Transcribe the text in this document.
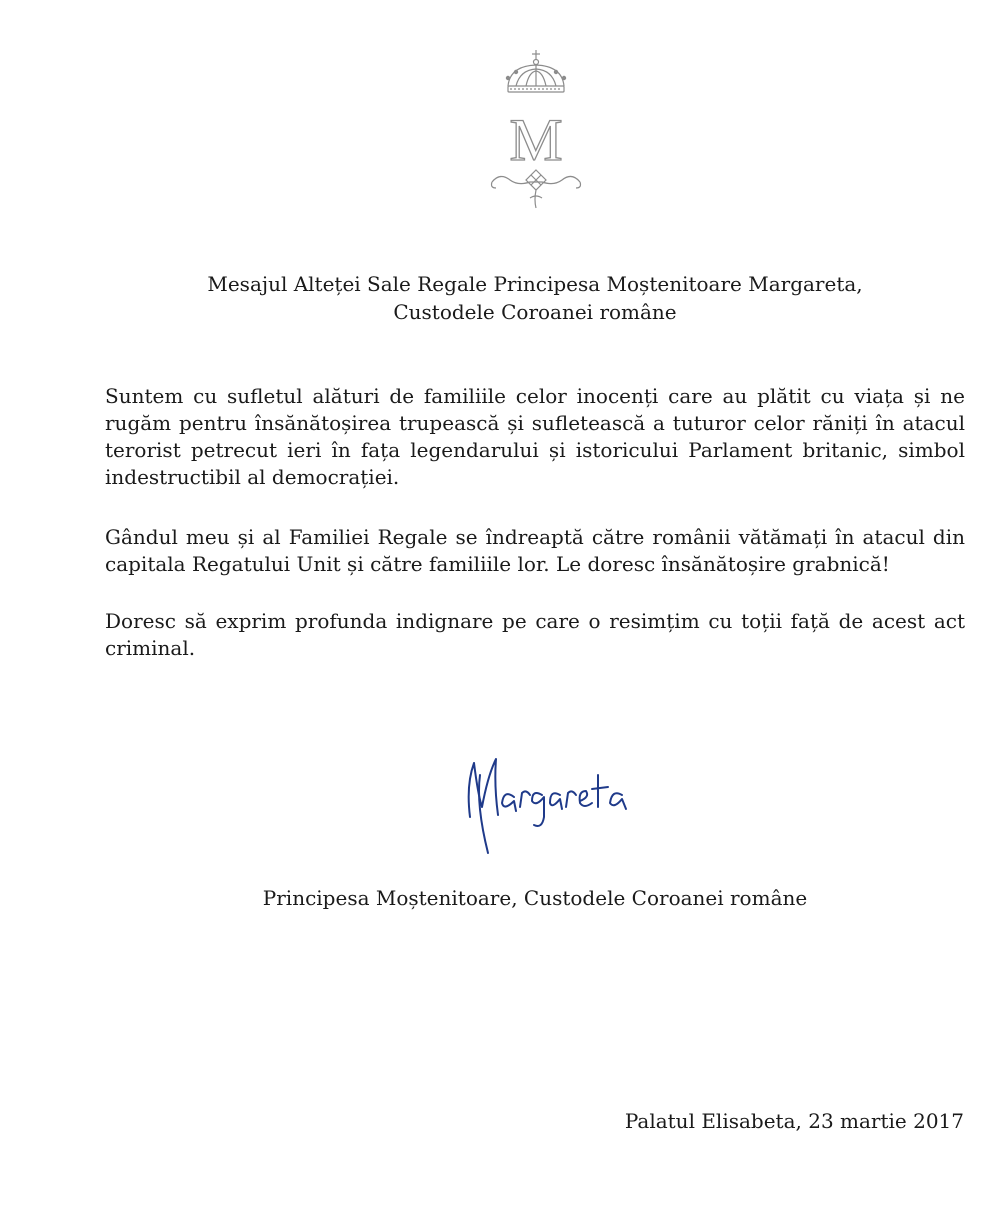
M
Mesajul Alteței Sale Regale Principesa Moștenitoare Margareta,
Custodele Coroanei române

Suntem cu sufletul alături de familiile celor inocenți care au plătit cu viața și ne rugăm pentru însănătoșirea trupească și sufletească a tuturor celor răniți în atacul terorist petrecut ieri în fața legendarului și istoricului Parlament britanic, simbol indestructibil al democrației.

Gândul meu și al Familiei Regale se îndreaptă către românii vătămați în atacul din capitala Regatului Unit și către familiile lor. Le doresc însănătoșire grabnică!

Doresc să exprim profunda indignare pe care o resimțim cu toții față de acest act criminal.

Principesa Moștenitoare, Custodele Coroanei române
Palatul Elisabeta, 23 martie 2017
